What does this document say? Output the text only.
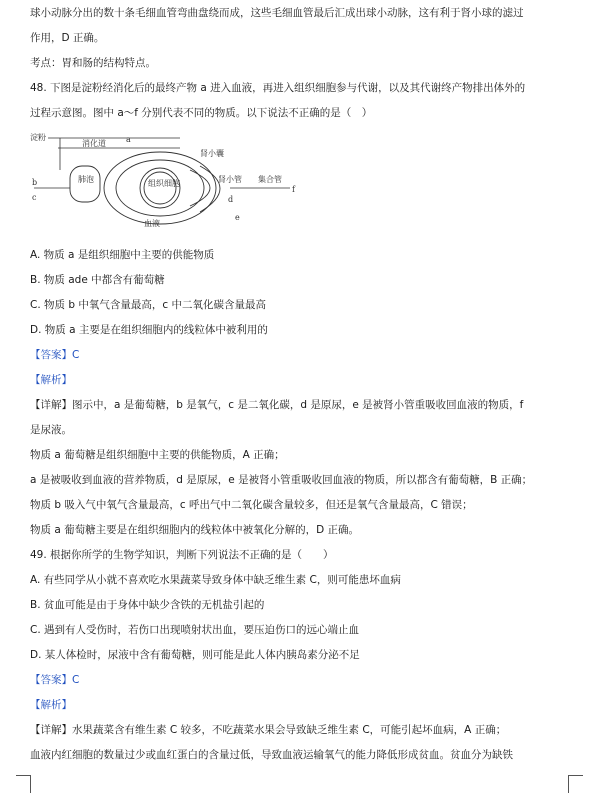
球小动脉分出的数十条毛细血管弯曲盘绕而成，这些毛细血管最后汇成出球小动脉，这有利于肾小球的滤过
作用，D 正确。
考点：胃和肠的结构特点。
48. 下图是淀粉经消化后的最终产物 a 进入血液，再进入组织细胞参与代谢，以及其代谢终产物排出体外的
过程示意图。图中 a～f 分别代表不同的物质。以下说法不正确的是（　）
淀粉
消化道
肺泡	组织细胞
肾小囊
肾小管 集合管
血液
b
c
a
d
e
f
A. 物质 a 是组织细胞中主要的供能物质
B. 物质 ade 中都含有葡萄糖
C. 物质 b 中氧气含量最高，c 中二氧化碳含量最高
D. 物质 a 主要是在组织细胞内的线粒体中被利用的
【答案】C
【解析】
【详解】图示中，a 是葡萄糖，b 是氧气，c 是二氧化碳，d 是原尿，e 是被肾小管重吸收回血液的物质，f
是尿液。
物质 a 葡萄糖是组织细胞中主要的供能物质，A 正确；
a 是被吸收到血液的营养物质，d 是原尿，e 是被肾小管重吸收回血液的物质，所以都含有葡萄糖，B 正确；
物质 b 吸入气中氧气含量最高，c 呼出气中二氧化碳含量较多，但还是氧气含量最高，C 错误；
物质 a 葡萄糖主要是在组织细胞内的线粒体中被氧化分解的，D 正确。
49. 根据你所学的生物学知识，判断下列说法不正确的是（　　）
A. 有些同学从小就不喜欢吃水果蔬菜导致身体中缺乏维生素 C，则可能患坏血病
B. 贫血可能是由于身体中缺少含铁的无机盐引起的
C. 遇到有人受伤时，若伤口出现喷射状出血，要压迫伤口的远心端止血
D. 某人体检时，尿液中含有葡萄糖，则可能是此人体内胰岛素分泌不足
【答案】C
【解析】
【详解】水果蔬菜含有维生素 C 较多，不吃蔬菜水果会导致缺乏维生素 C，可能引起坏血病，A 正确；
血液内红细胞的数量过少或血红蛋白的含量过低，导致血液运输氧气的能力降低形成贫血。贫血分为缺铁
